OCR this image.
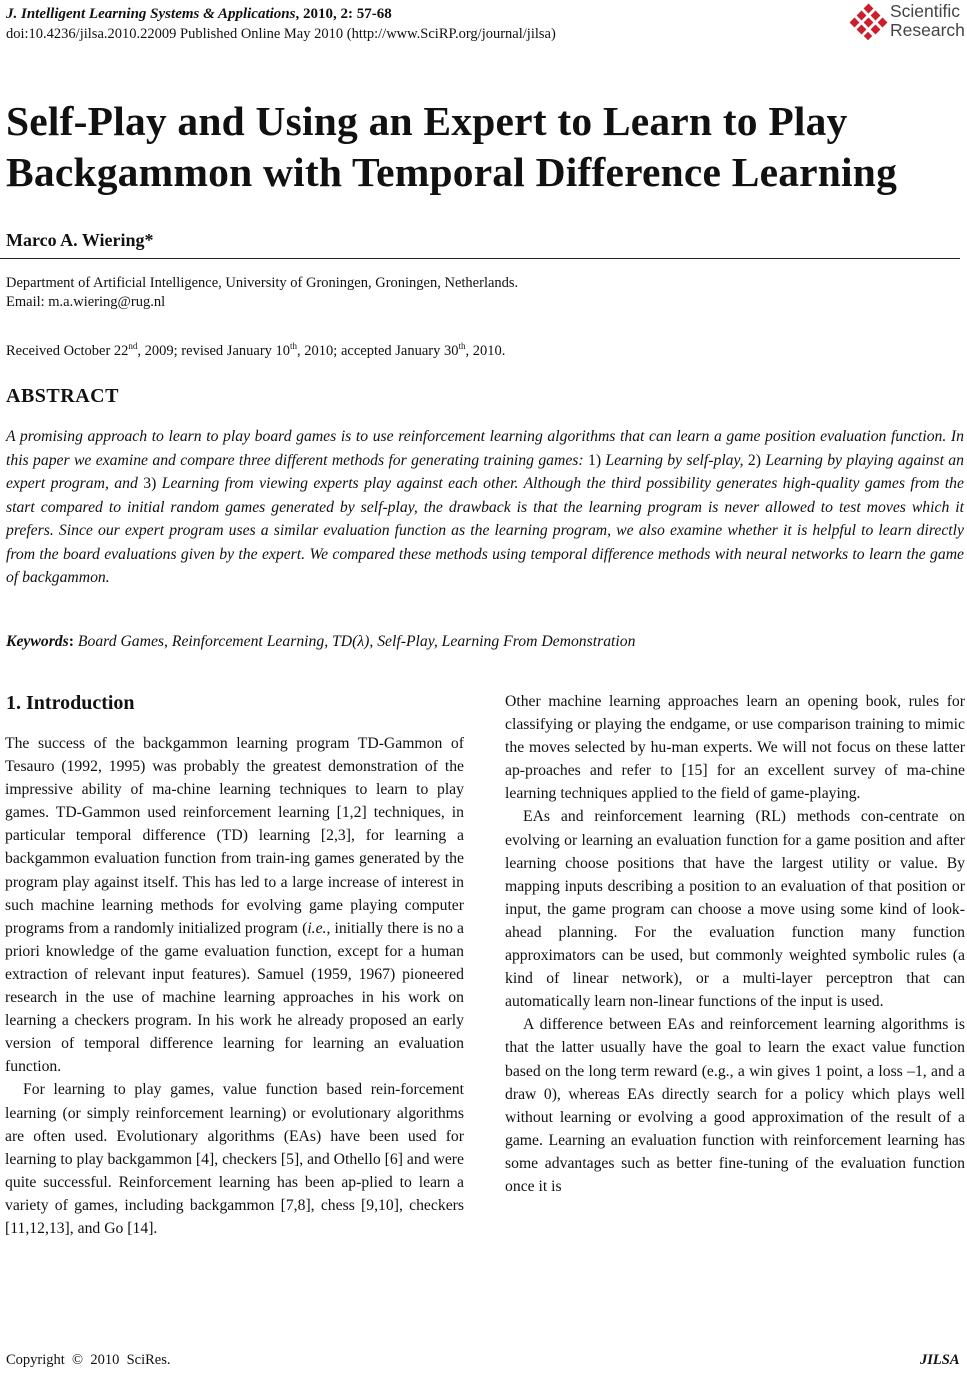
J. Intelligent Learning Systems & Applications, 2010, 2: 57-68
doi:10.4236/jilsa.2010.22009 Published Online May 2010 (http://www.SciRP.org/journal/jilsa)
Scientific
Research
Self-Play and Using an Expert to Learn to Play
Backgammon with Temporal Difference Learning
Marco A. Wiering*
Department of Artificial Intelligence, University of Groningen, Groningen, Netherlands.
Email: m.a.wiering@rug.nl
Received October 22nd, 2009; revised January 10th, 2010; accepted January 30th, 2010.
ABSTRACT
A promising approach to learn to play board games is to use reinforcement learning algorithms that can learn a game position evaluation function. In this paper we examine and compare three different methods for generating training games: 1) Learning by self-play, 2) Learning by playing against an expert program, and 3) Learning from viewing experts play against each other. Although the third possibility generates high-quality games from the start compared to initial random games generated by self-play, the drawback is that the learning program is never allowed to test moves which it prefers. Since our expert program uses a similar evaluation function as the learning program, we also examine whether it is helpful to learn directly from the board evaluations given by the expert. We compared these methods using temporal difference methods with neural networks to learn the game of backgammon.
Keywords: Board Games, Reinforcement Learning, TD(λ), Self-Play, Learning From Demonstration
1. Introduction

The success of the backgammon learning program TD-Gammon of Tesauro (1992, 1995) was probably the greatest demonstration of the impressive ability of ma-chine learning techniques to learn to play games. TD-Gammon used reinforcement learning [1,2] techniques, in particular temporal difference (TD) learning [2,3], for learning a backgammon evaluation function from train-ing games generated by the program play against itself. This has led to a large increase of interest in such machine learning methods for evolving game playing computer programs from a randomly initialized program (i.e., initially there is no a priori knowledge of the game evaluation function, except for a human extraction of relevant input features). Samuel (1959, 1967) pioneered research in the use of machine learning approaches in his work on learning a checkers program. In his work he already proposed an early version of temporal difference learning for learning an evaluation function.

For learning to play games, value function based rein-forcement learning (or simply reinforcement learning) or evolutionary algorithms are often used. Evolutionary algorithms (EAs) have been used for learning to play backgammon [4], checkers [5], and Othello [6] and were quite successful. Reinforcement learning has been ap-plied to learn a variety of games, including backgammon [7,8], chess [9,10], checkers [11,12,13], and Go [14].

Other machine learning approaches learn an opening book, rules for classifying or playing the endgame, or use comparison training to mimic the moves selected by hu-man experts. We will not focus on these latter ap-proaches and refer to [15] for an excellent survey of ma-chine learning techniques applied to the field of game-playing.

EAs and reinforcement learning (RL) methods con-centrate on evolving or learning an evaluation function for a game position and after learning choose positions that have the largest utility or value. By mapping inputs describing a position to an evaluation of that position or input, the game program can choose a move using some kind of look-ahead planning. For the evaluation function many function approximators can be used, but commonly weighted symbolic rules (a kind of linear network), or a multi-layer perceptron that can automatically learn non-linear functions of the input is used.

A difference between EAs and reinforcement learning algorithms is that the latter usually have the goal to learn the exact value function based on the long term reward (e.g., a win gives 1 point, a loss –1, and a draw 0), whereas EAs directly search for a policy which plays well without learning or evolving a good approximation of the result of a game. Learning an evaluation function with reinforcement learning has some advantages such as better fine-tuning of the evaluation function once it is

Copyright  ©  2010  SciRes.	JILSA
